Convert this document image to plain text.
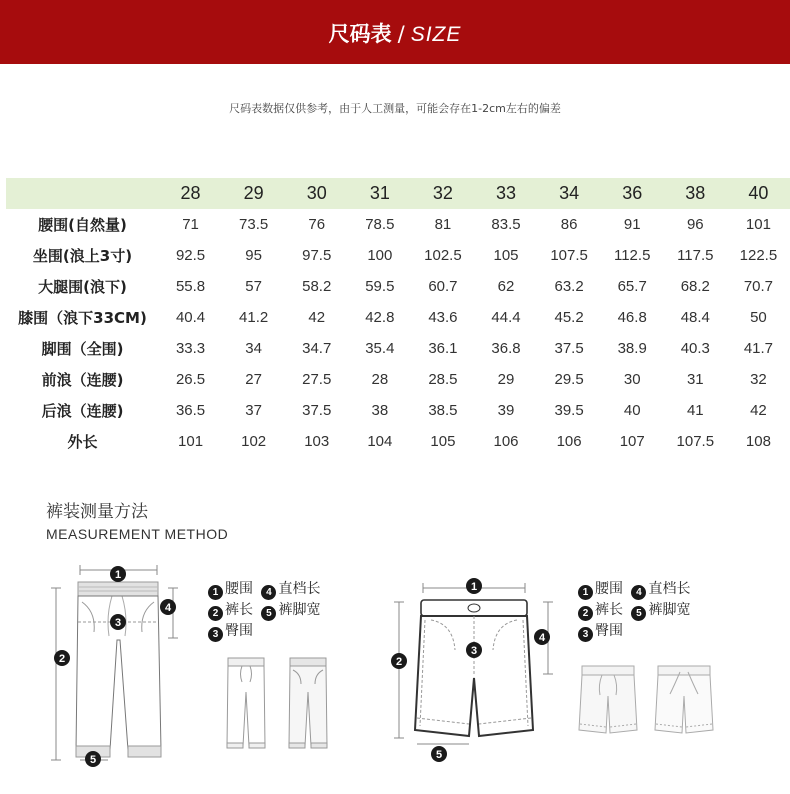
尺码表 / SIZE
尺码表数据仅供参考，由于人工测量，可能会存在1-2cm左右的偏差
	28	29	30	31	32	33	34	36	38	40
腰围(自然量)	71	73.5	76	78.5	81	83.5	86	91	96	101
坐围(浪上3寸)	92.5	95	97.5	100	102.5	105	107.5	112.5	117.5	122.5
大腿围(浪下)	55.8	57	58.2	59.5	60.7	62	63.2	65.7	68.2	70.7
膝围（浪下33CM)	40.4	41.2	42	42.8	43.6	44.4	45.2	46.8	48.4	50
脚围（全围)	33.3	34	34.7	35.4	36.1	36.8	37.5	38.9	40.3	41.7
前浪（连腰)	26.5	27	27.5	28	28.5	29	29.5	30	31	32
后浪（连腰)	36.5	37	37.5	38	38.5	39	39.5	40	41	42
外长	101	102	103	104	105	106	106	107	107.5	108
裤装测量方法
MEASUREMENT METHOD
1
2
3
4
5
1 腰围 4 直档长
2 裤长 5 裤脚宽
3 臀围
1
2
3
4
5
1 腰围 4 直档长
2 裤长 5 裤脚宽
3 臀围
